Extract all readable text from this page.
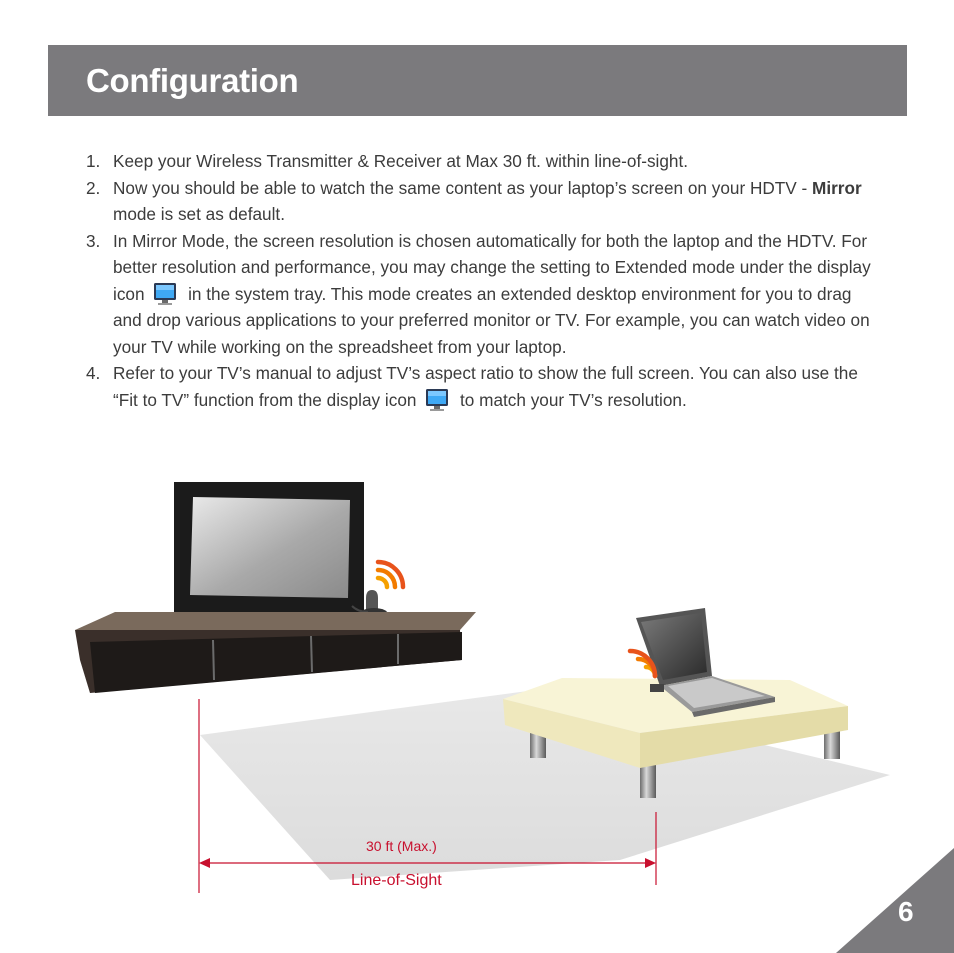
Configuration
1. Keep your Wireless Transmitter & Receiver at Max 30 ft. within line-of-sight.
2. Now you should be able to watch the same content as your laptop’s screen on your HDTV - Mirror mode is set as default.
3. In Mirror Mode, the screen resolution is chosen automatically for both the laptop and the HDTV. For better resolution and performance, you may change the setting to Extended mode under the display icon	in the system tray. This mode creates an extended desktop environment for you to drag and drop various applications to your preferred monitor or TV. For example, you can watch video on your TV while working on the spreadsheet from your laptop.
4. Refer to your TV’s manual to adjust TV’s aspect ratio to show the full screen. You can also use the “Fit to TV” function from the display icon	to match your TV’s resolution.
30 ft (Max.)
Line-of-Sight
6
